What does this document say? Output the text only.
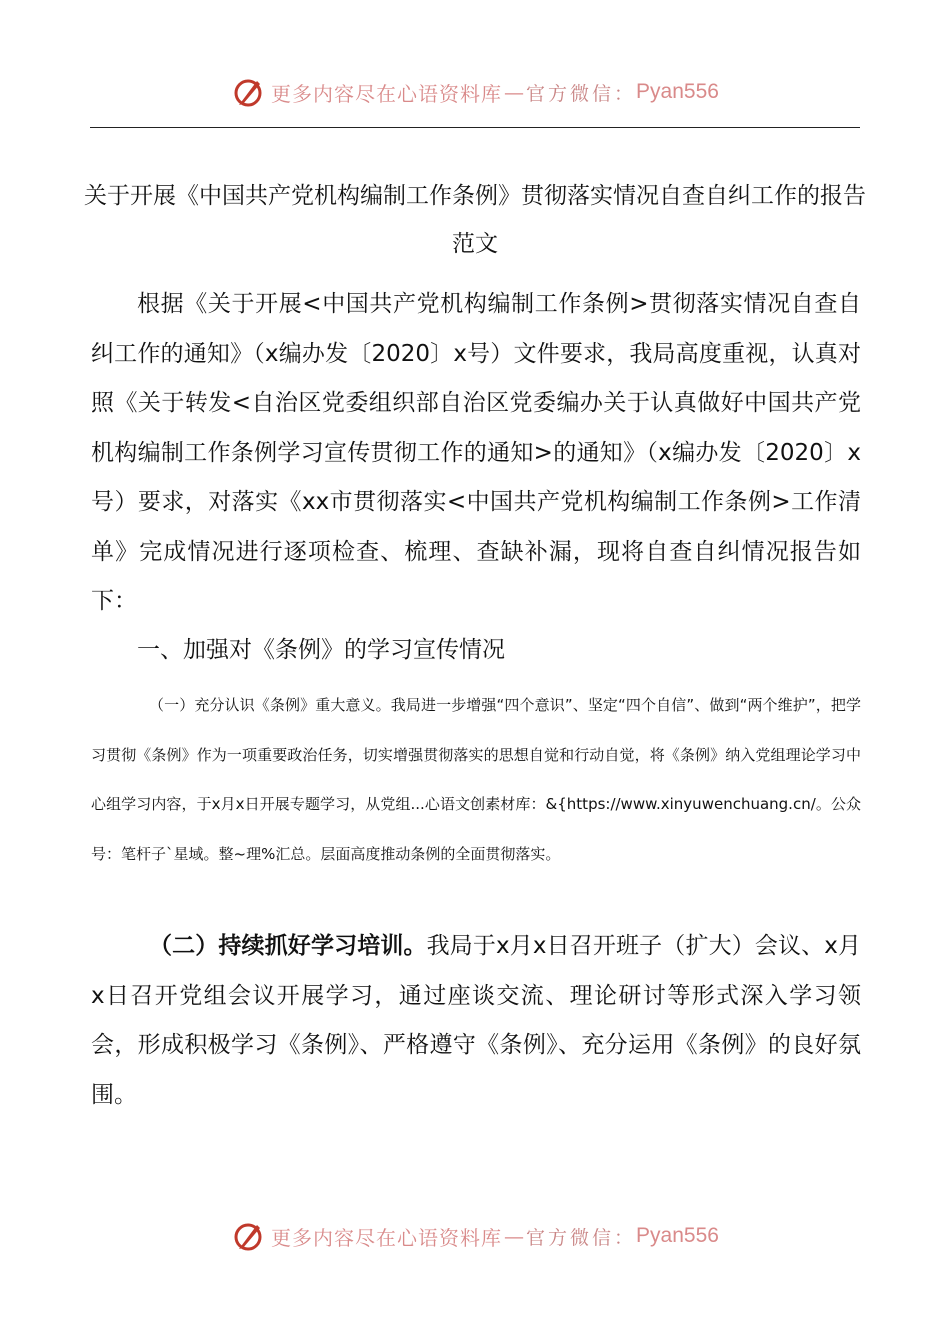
更多内容尽在心语资料库 — 官方微信： Pyan556
关于开展《中国共产党机构编制工作条例》贯彻落实情况自查自纠工作的报告范文
根据《关于开展<中国共产党机构编制工作条例>贯彻落实情况自查自纠工作的通知》（x编办发〔2020〕x号）文件要求，我局高度重视，认真对照《关于转发<自治区党委组织部自治区党委编办关于认真做好中国共产党机构编制工作条例学习宣传贯彻工作的通知>的通知》（x编办发〔2020〕x号）要求，对落实《xx市贯彻落实<中国共产党机构编制工作条例>工作清单》完成情况进行逐项检查、梳理、查缺补漏，现将自查自纠情况报告如下：
一、加强对《条例》的学习宣传情况
（一）充分认识《条例》重大意义。我局进一步增强“四个意识”、坚定“四个自信”、做到“两个维护”，把学习贯彻《条例》作为一项重要政治任务，切实增强贯彻落实的思想自觉和行动自觉，将《条例》纳入党组理论学习中心组学习内容，于x月x日开展专题学习，从党组...心语文创素材库：&{https://www.xinyuwenchuang.cn/。公众号：笔杆子`星域。整~理%汇总。层面高度推动条例的全面贯彻落实。
（二）持续抓好学习培训。我局于x月x日召开班子（扩大）会议、x月x日召开党组会议开展学习，通过座谈交流、理论研讨等形式深入学习领会，形成积极学习《条例》、严格遵守《条例》、充分运用《条例》的良好氛围。
更多内容尽在心语资料库 — 官方微信： Pyan556
